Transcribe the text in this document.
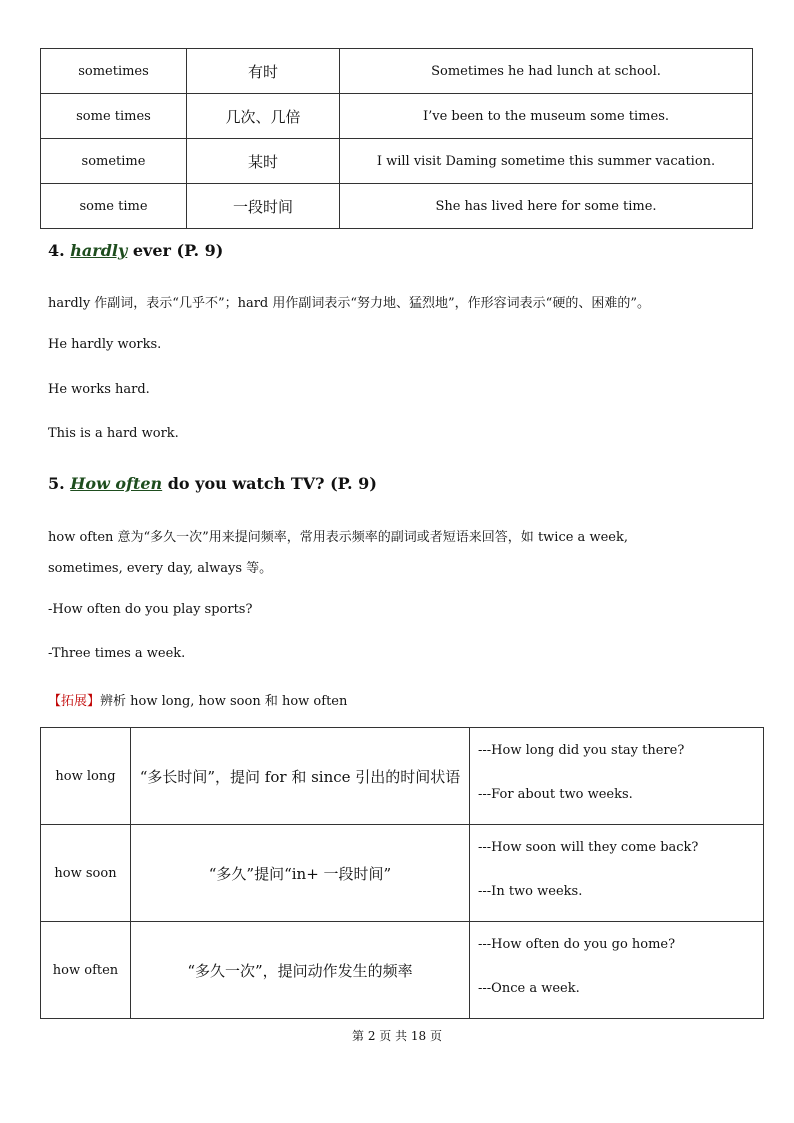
sometimes	有时	Sometimes he had lunch at school.
some times	几次、几倍	I’ve been to the museum some times.
sometime	某时	I will visit Daming sometime this summer vacation.
some time	一段时间	She has lived here for some time.
4. hardly ever (P. 9)
hardly 作副词，表示“几乎不”；hard 用作副词表示“努力地、猛烈地”，作形容词表示“硬的、困难的”。
He hardly works.
He works hard.
This is a hard work.
5. How often do you watch TV? (P. 9)
how often 意为“多久一次”用来提问频率，常用表示频率的副词或者短语来回答，如 twice a week,
sometimes, every day, always 等。
-How often do you play sports?
-Three times a week.
【拓展】辨析 how long, how soon 和 how often
how long	“多长时间”，提问 for 和 since 引出的时间状语	---How long did you stay there?
---For about two weeks.

how soon	“多久”提问“in+ 一段时间”	---How soon will they come back?
---In two weeks.

how often	“多久一次”，提问动作发生的频率	---How often do you go home?
---Once a week.
第 2 页 共 18 页
